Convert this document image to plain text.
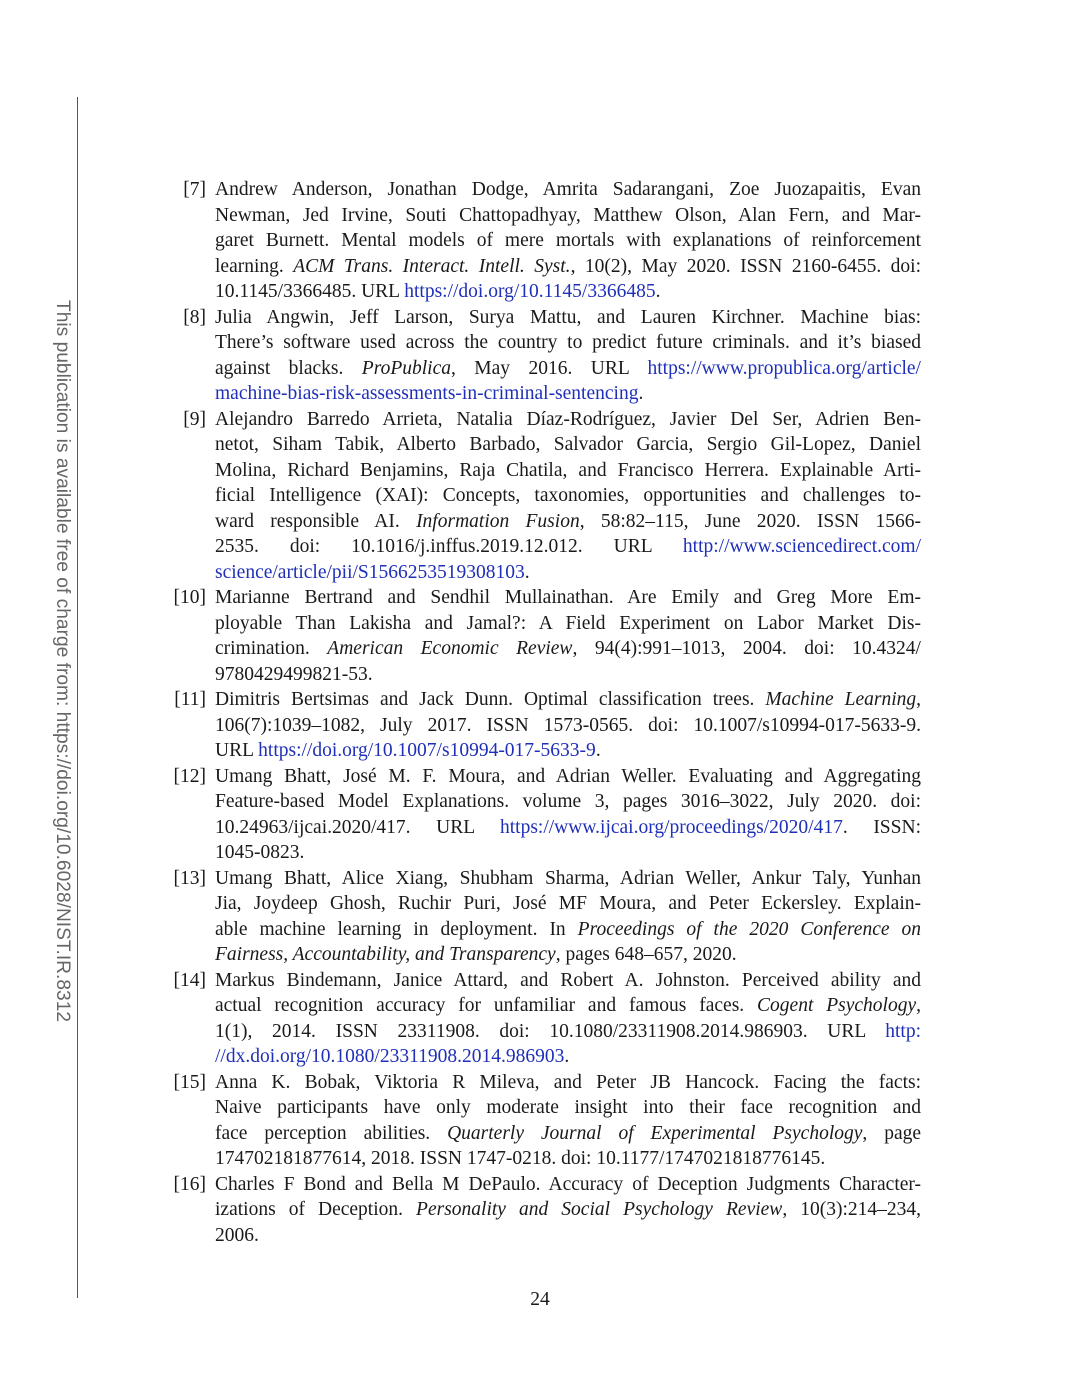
This publication is available free of charge from: https://doi.org/10.6028/NIST.IR.8312
[7] Andrew Anderson, Jonathan Dodge, Amrita Sadarangani, Zoe Juozapaitis, Evan
Newman, Jed Irvine, Souti Chattopadhyay, Matthew Olson, Alan Fern, and Mar-
garet Burnett. Mental models of mere mortals with explanations of reinforcement
learning. ACM Trans. Interact. Intell. Syst., 10(2), May 2020. ISSN 2160-6455. doi:
10.1145/3366485. URL https://doi.org/10.1145/3366485.
[8] Julia Angwin, Jeff Larson, Surya Mattu, and Lauren Kirchner. Machine bias:
There’s software used across the country to predict future criminals. and it’s biased
against blacks. ProPublica, May 2016. URL https://www.propublica.org/article/
machine-bias-risk-assessments-in-criminal-sentencing.
[9] Alejandro Barredo Arrieta, Natalia Díaz-Rodríguez, Javier Del Ser, Adrien Ben-
netot, Siham Tabik, Alberto Barbado, Salvador Garcia, Sergio Gil-Lopez, Daniel
Molina, Richard Benjamins, Raja Chatila, and Francisco Herrera. Explainable Arti-
ficial Intelligence (XAI): Concepts, taxonomies, opportunities and challenges to-
ward responsible AI. Information Fusion, 58:82–115, June 2020. ISSN 1566-
2535. doi: 10.1016/j.inffus.2019.12.012. URL http://www.sciencedirect.com/
science/article/pii/S1566253519308103.
[10] Marianne Bertrand and Sendhil Mullainathan. Are Emily and Greg More Em-
ployable Than Lakisha and Jamal?: A Field Experiment on Labor Market Dis-
crimination. American Economic Review, 94(4):991–1013, 2004. doi: 10.4324/
9780429499821-53.
[11] Dimitris Bertsimas and Jack Dunn. Optimal classification trees. Machine Learning,
106(7):1039–1082, July 2017. ISSN 1573-0565. doi: 10.1007/s10994-017-5633-9.
URL https://doi.org/10.1007/s10994-017-5633-9.
[12] Umang Bhatt, José M. F. Moura, and Adrian Weller. Evaluating and Aggregating
Feature-based Model Explanations. volume 3, pages 3016–3022, July 2020. doi:
10.24963/ijcai.2020/417. URL https://www.ijcai.org/proceedings/2020/417. ISSN:
1045-0823.
[13] Umang Bhatt, Alice Xiang, Shubham Sharma, Adrian Weller, Ankur Taly, Yunhan
Jia, Joydeep Ghosh, Ruchir Puri, José MF Moura, and Peter Eckersley. Explain-
able machine learning in deployment. In Proceedings of the 2020 Conference on
Fairness, Accountability, and Transparency, pages 648–657, 2020.
[14] Markus Bindemann, Janice Attard, and Robert A. Johnston. Perceived ability and
actual recognition accuracy for unfamiliar and famous faces. Cogent Psychology,
1(1), 2014. ISSN 23311908. doi: 10.1080/23311908.2014.986903. URL http:
//dx.doi.org/10.1080/23311908.2014.986903.
[15] Anna K. Bobak, Viktoria R Mileva, and Peter JB Hancock. Facing the facts:
Naive participants have only moderate insight into their face recognition and
face perception abilities. Quarterly Journal of Experimental Psychology, page
174702181877614, 2018. ISSN 1747-0218. doi: 10.1177/1747021818776145.
[16] Charles F Bond and Bella M DePaulo. Accuracy of Deception Judgments Character-
izations of Deception. Personality and Social Psychology Review, 10(3):214–234,
2006.
24
